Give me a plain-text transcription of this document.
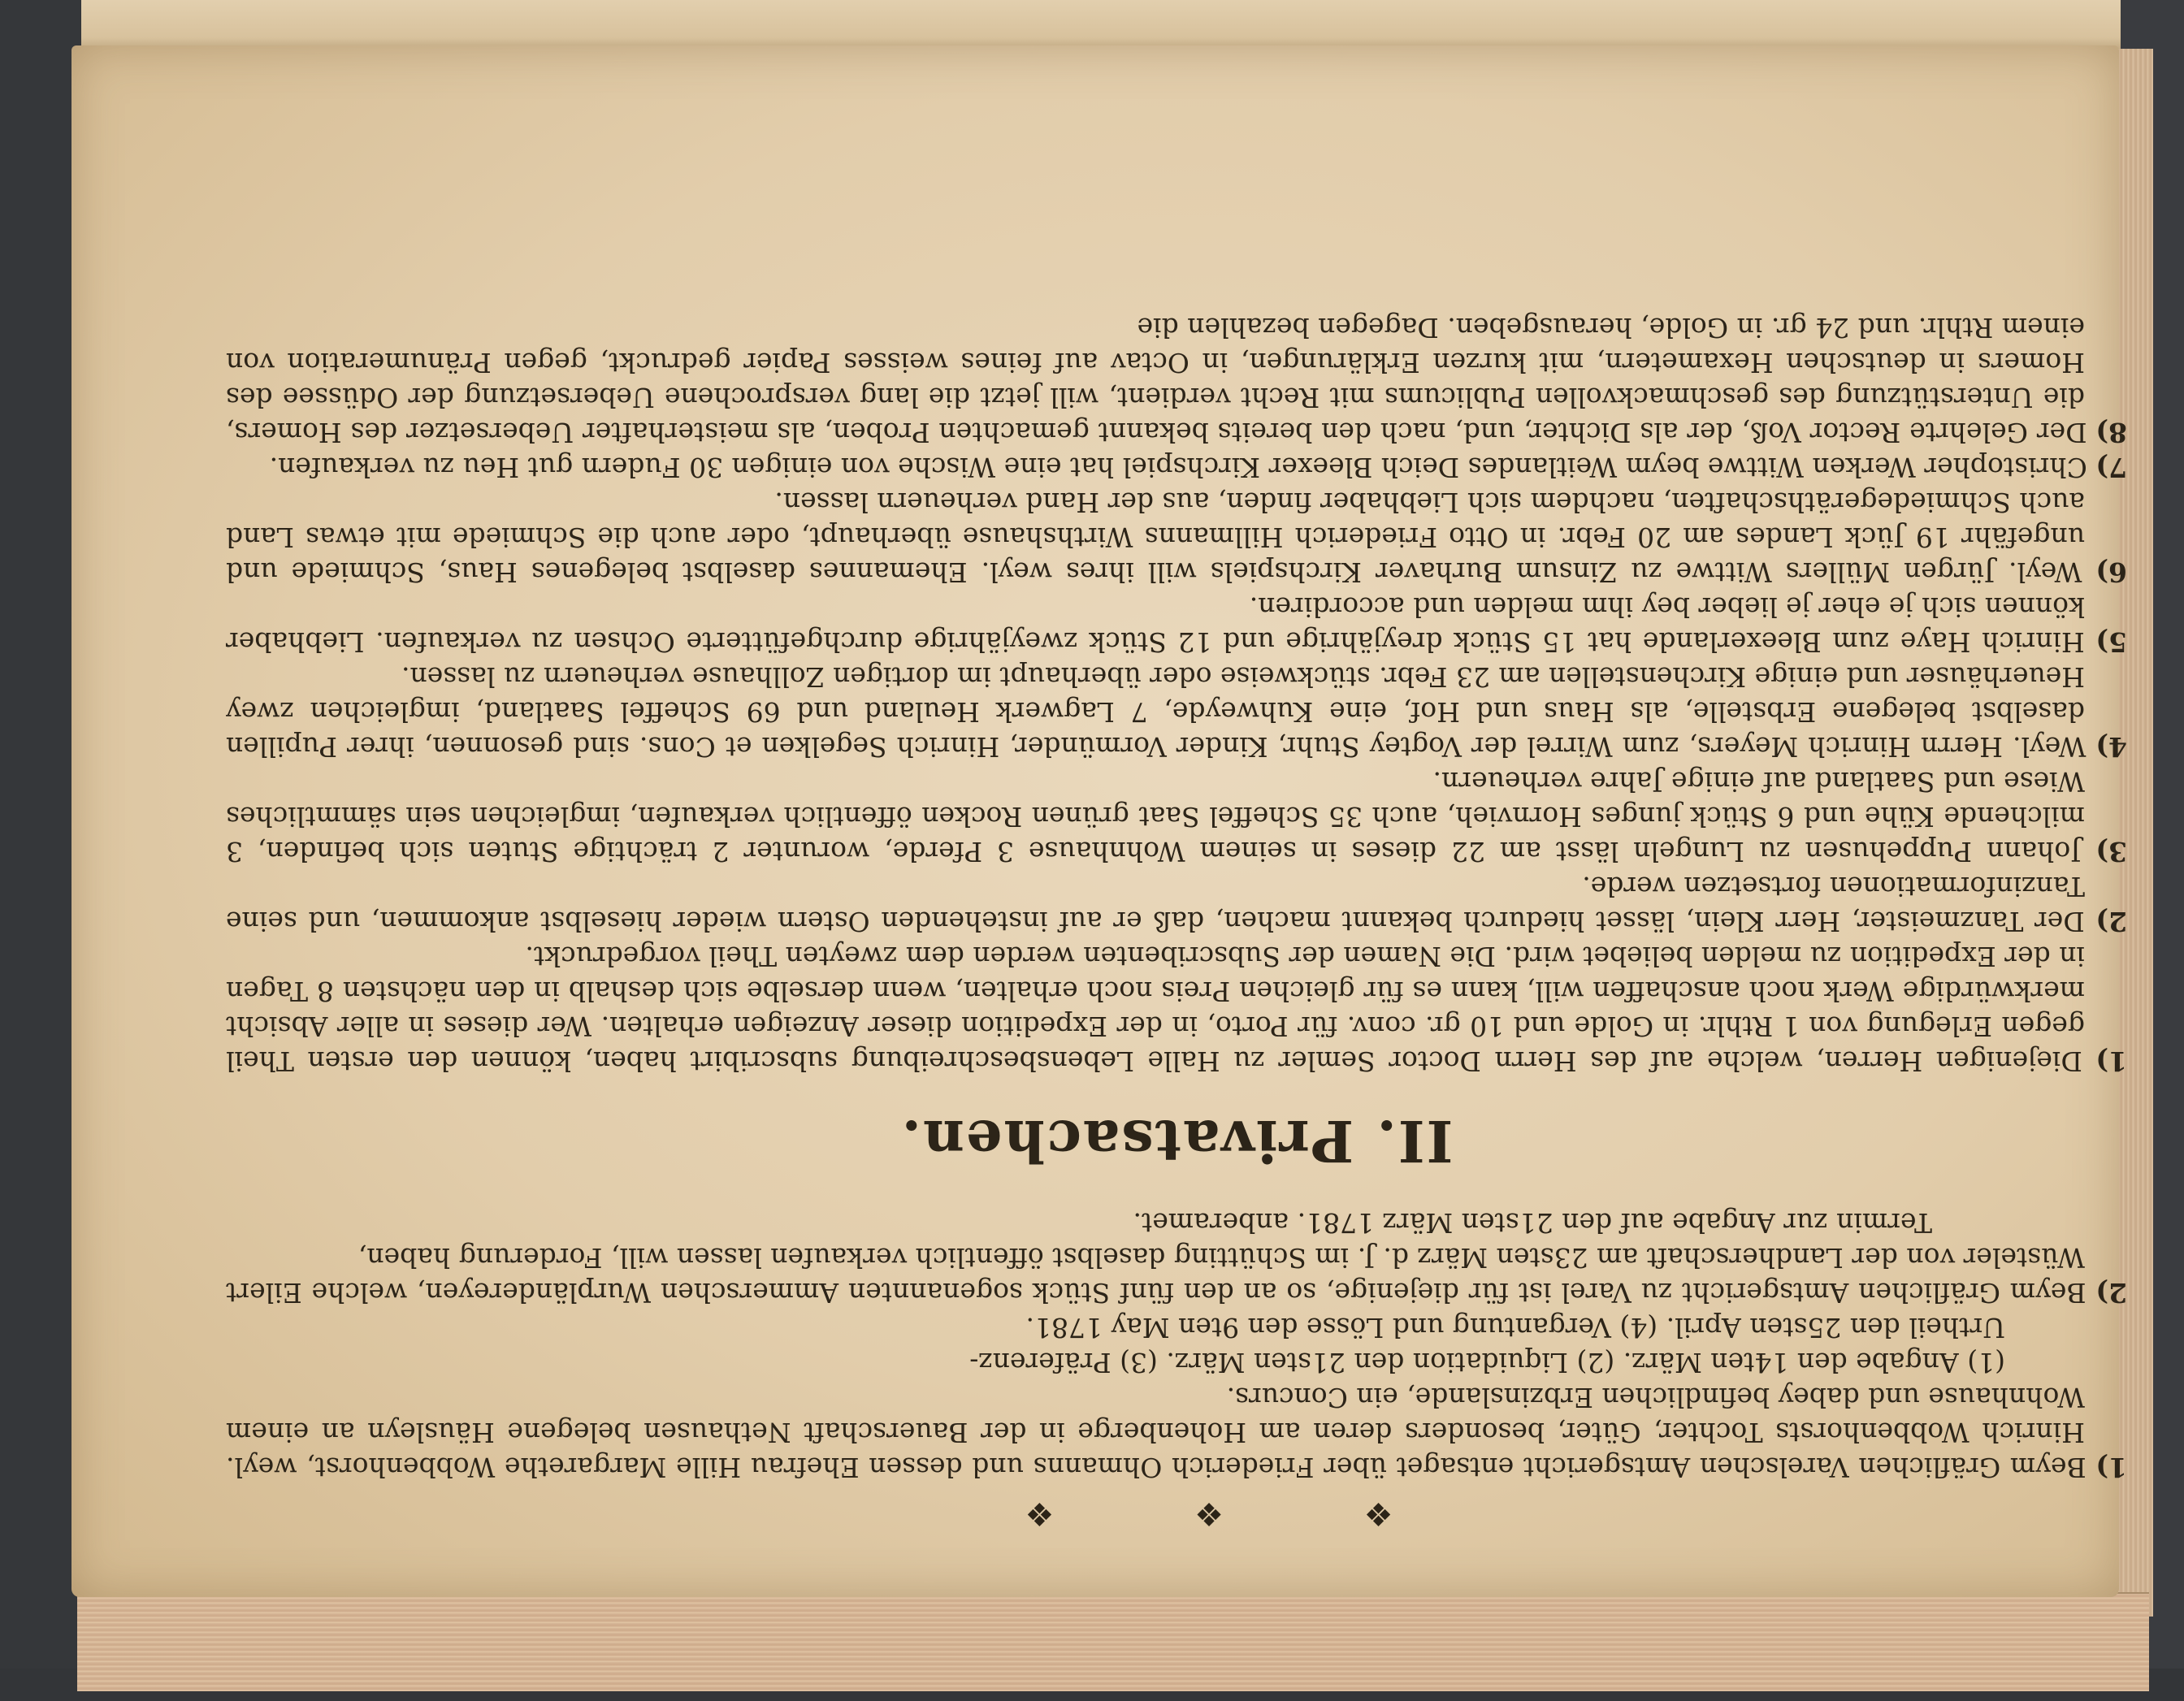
❖ ❖ ❖

1) Beym Gräflichen Varelschen Amtsgericht entsaget über Friederich Ohmanns und dessen Ehefrau Hille Margarethe Wobbenhorst, weyl. Hinrich Wobbenhorsts Tochter, Güter, besonders deren am Hohenberge in der Bauerschaft Nethausen belegene Häusleyn an einem Wohnhause und dabey befindlichen Erbzinslande, ein Concurs.

(1) Angabe den 14ten März. (2) Liquidation den 21sten März. (3) Präferenz-

Urtheil den 25sten April. (4) Vergantung und Lösse den 9ten May 1781.

2) Beym Gräflichen Amtsgericht zu Varel ist für diejenige, so an den fünf Stück sogenannten Ammerschen Wurpländereyen, welche Eilert Wüsteler von der Landherschaft am 23sten März d. J. im Schütting daselbst öffentlich verkaufen lassen will, Forderung haben,

Termin zur Angabe auf den 21sten März 1781. anberamet.

II. Privatsachen.

1) Diejenigen Herren, welche auf des Herrn Doctor Semler zu Halle Lebensbeschreibung subscribirt haben, können den ersten Theil gegen Erlegung von 1 Rthlr. in Golde und 10 gr. conv. für Porto, in der Expedition dieser Anzeigen erhalten. Wer dieses in aller Absicht merkwürdige Werk noch anschaffen will, kann es für gleichen Preis noch erhalten, wenn derselbe sich deshalb in den nächsten 8 Tagen in der Expedition zu melden beliebet wird. Die Namen der Subscribenten werden dem zweyten Theil vorgedruckt.

2) Der Tanzmeister, Herr Klein, lässet hiedurch bekannt machen, daß er auf instehenden Ostern wieder hieselbst ankommen, und seine Tanzinformationen fortsetzen werde.

3) Johann Puppehusen zu Lungeln lässt am 22 dieses in seinem Wohnhause 3 Pferde, worunter 2 trächtige Stuten sich befinden, 3 milchende Kühe und 6 Stück junges Hornvieh, auch 35 Scheffel Saat grünen Rocken öffentlich verkaufen, imgleichen sein sämmtliches Wiese und Saatland auf einige Jahre verheuern.

4) Weyl. Herrn Hinrich Meyers, zum Wirrel der Vogtey Stuhr, Kinder Vormünder, Hinrich Segelken et Cons. sind gesonnen, ihrer Pupillen daselbst belegene Erbstelle, als Haus und Hof, eine Kuhweyde, 7 Lagwerk Heuland und 69 Scheffel Saatland, imgleichen zwey Heuerhäuser und einige Kirchenstellen am 23 Febr. stückweise oder überhaupt im dortigen Zollhause verheuern zu lassen.

5) Hinrich Haye zum Bleexerlande hat 15 Stück dreyjährige und 12 Stück zweyjährige durchgefütterte Ochsen zu verkaufen. Liebhaber können sich je eher je lieber bey ihm melden und accordiren.

6) Weyl. Jürgen Müllers Wittwe zu Zinsum Burhaver Kirchspiels will ihres weyl. Ehemannes daselbst belegenes Haus, Schmiede und ungefähr 19 Jück Landes am 20 Febr. in Otto Friederich Hillmanns Wirthshause überhaupt, oder auch die Schmiede mit etwas Land auch Schmiedegeräthschaften, nachdem sich Liebhaber finden, aus der Hand verheuern lassen.

7) Christopher Werken Wittwe beym Weitlandes Deich Bleexer Kirchspiel hat eine Wische von einigen 30 Fudern gut Heu zu verkaufen.

8) Der Gelehrte Rector Voß, der als Dichter, und, nach den bereits bekannt gemachten Proben, als meisterhafter Uebersetzer des Homers, die Unterstützung des geschmackvollen Publicums mit Recht verdient, will jetzt die lang versprochene Uebersetzung der Odüssee des Homers in deutschen Hexametern, mit kurzen Erklärungen, in Octav auf feines weisses Papier gedruckt, gegen Pränumeration von einem Rthlr. und 24 gr. in Golde, herausgeben. Dagegen bezahlen die
